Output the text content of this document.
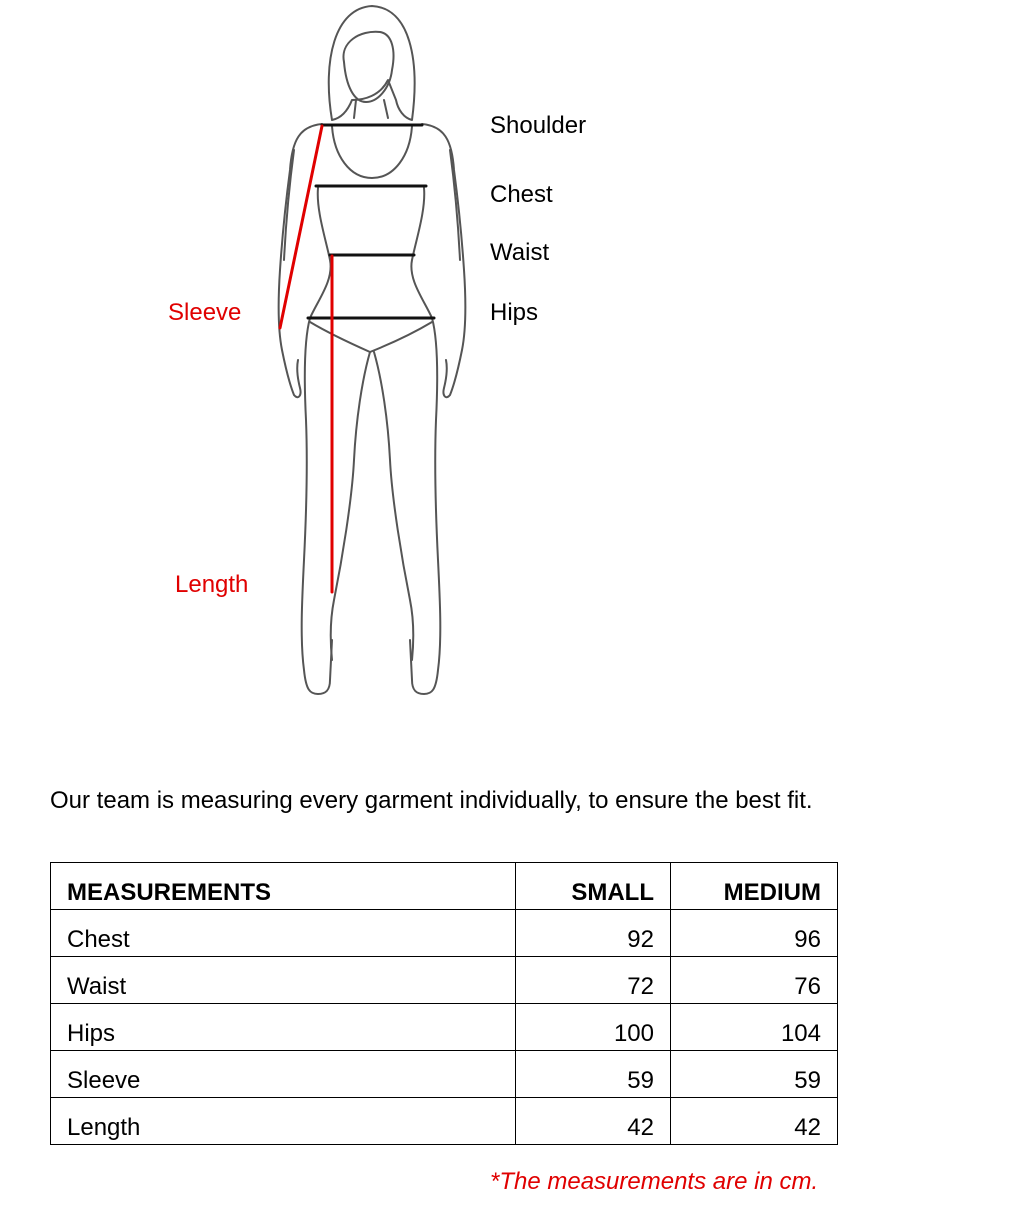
Shoulder
Chest
Waist
Hips
Sleeve
Length
Our team is measuring every garment individually, to ensure the best fit.
MEASUREMENTS	SMALL	MEDIUM
Chest	92	96
Waist	72	76
Hips	100	104
Sleeve	59	59
Length	42	42
*The measurements are in cm.
